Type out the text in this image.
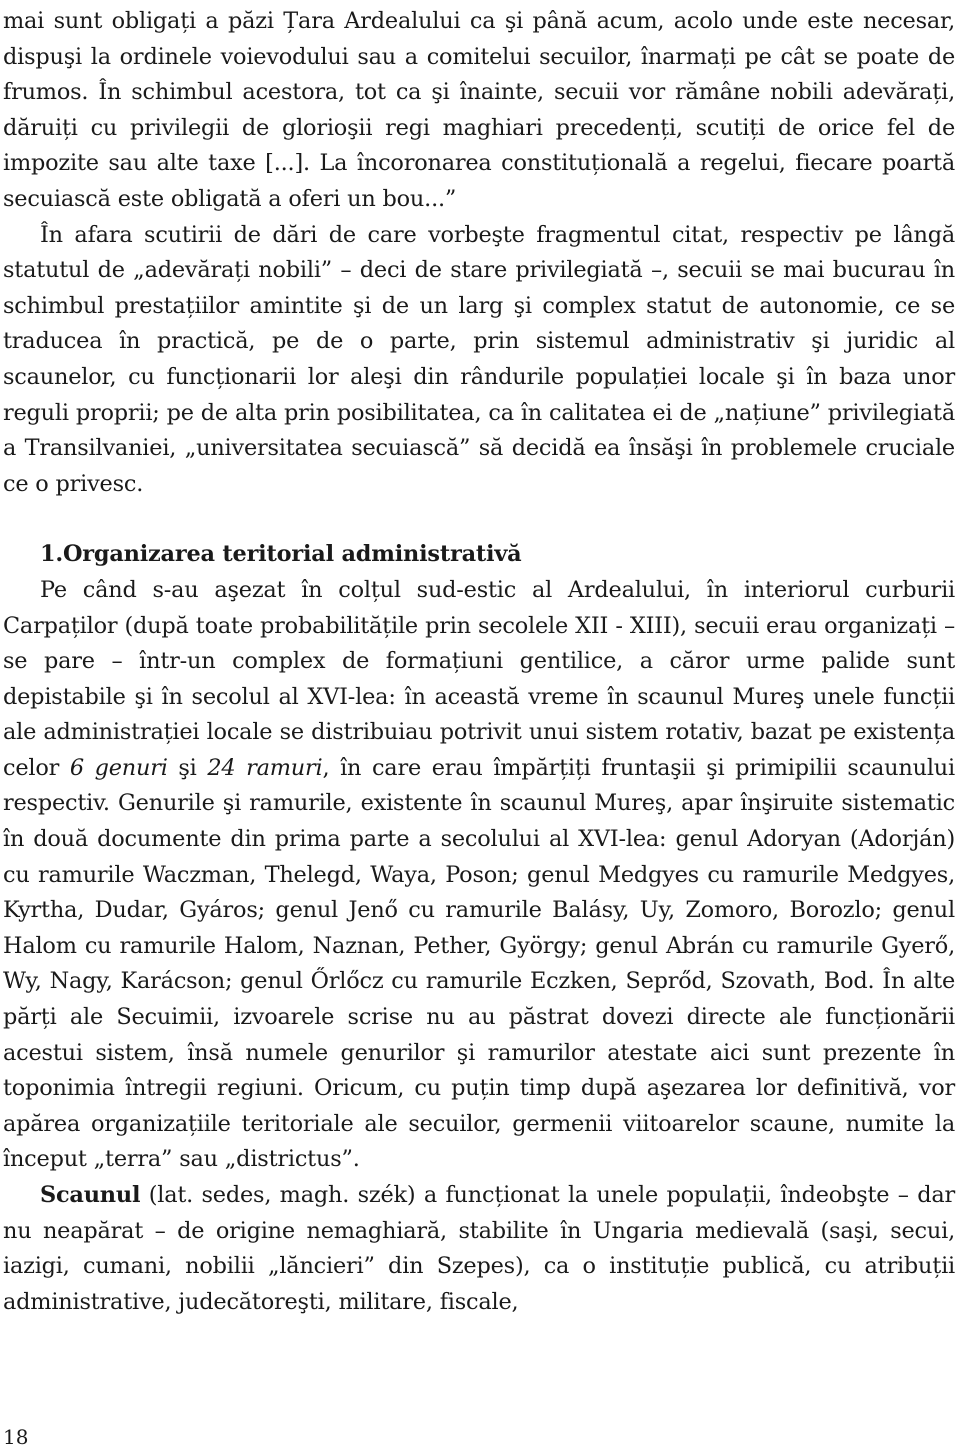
mai sunt obligați a păzi Țara Ardealului ca şi până acum, acolo unde este necesar, dispuşi la ordinele voievodului sau a comitelui secuilor, înarmați pe cât se poate de frumos. În schimbul acestora, tot ca şi înainte, secuii vor rămâne nobili adevărați, dăruiți cu privilegii de glorioşii regi maghiari precedenți, scutiți de orice fel de impozite sau alte taxe [...]. La încoronarea constituțională a regelui, fiecare poartă secuiască este obligată a oferi un bou...”

În afara scutirii de dări de care vorbeşte fragmentul citat, respectiv pe lângă statutul de „adevărați nobili” – deci de stare privilegiată –, secuii se mai bucurau în schimbul prestațiilor amintite şi de un larg şi complex statut de autonomie, ce se traducea în practică, pe de o parte, prin sistemul administrativ şi juridic al scaunelor, cu funcționarii lor aleşi din rândurile populației locale şi în baza unor reguli proprii; pe de alta prin posibilitatea, ca în calitatea ei de „națiune” privilegiată a Transilvaniei, „universitatea secuiască” să decidă ea însăşi în problemele cruciale ce o privesc.

1.Organizarea teritorial administrativă

Pe când s-au aşezat în colțul sud-estic al Ardealului, în interiorul curburii Carpaților (după toate probabilitățile prin secolele XII - XIII), secuii erau organizați – se pare – într-un complex de formațiuni gentilice, a căror urme palide sunt depistabile şi în secolul al XVI-lea: în această vreme în scaunul Mureş unele funcții ale administrației locale se distribuiau potrivit unui sistem rotativ, bazat pe existența celor 6 genuri şi 24 ramuri, în care erau împărțiți fruntaşii şi primipilii scaunului respectiv. Genurile şi ramurile, existente în scaunul Mureş, apar înşiruite sistematic în două documente din prima parte a secolului al XVI-lea: genul Adoryan (Adorján) cu ramurile Waczman, Thelegd, Waya, Poson; genul Medgyes cu ramurile Medgyes, Kyrtha, Dudar, Gyáros; genul Jenő cu ramurile Balásy, Uy, Zomoro, Borozlo; genul Halom cu ramurile Halom, Naznan, Pether, György; genul Abrán cu ramurile Gyerő, Wy, Nagy, Karácson; genul Őrlőcz cu ramurile Eczken, Seprőd, Szovath, Bod. În alte părți ale Secuimii, izvoarele scrise nu au păstrat dovezi directe ale funcționării acestui sistem, însă numele genurilor şi ramurilor atestate aici sunt prezente în toponimia întregii regiuni. Oricum, cu puțin timp după aşezarea lor definitivă, vor apărea organizațiile teritoriale ale secuilor, germenii viitoarelor scaune, numite la început „terra” sau „districtus”.

Scaunul (lat. sedes, magh. szék) a funcționat la unele populații, îndeobşte – dar nu neapărat – de origine nemaghiară, stabilite în Ungaria medievală (saşi, secui, iazigi, cumani, nobilii „lăncieri” din Szepes), ca o instituție publică, cu atribuții administrative, judecătoreşti, militare, fiscale,

18
